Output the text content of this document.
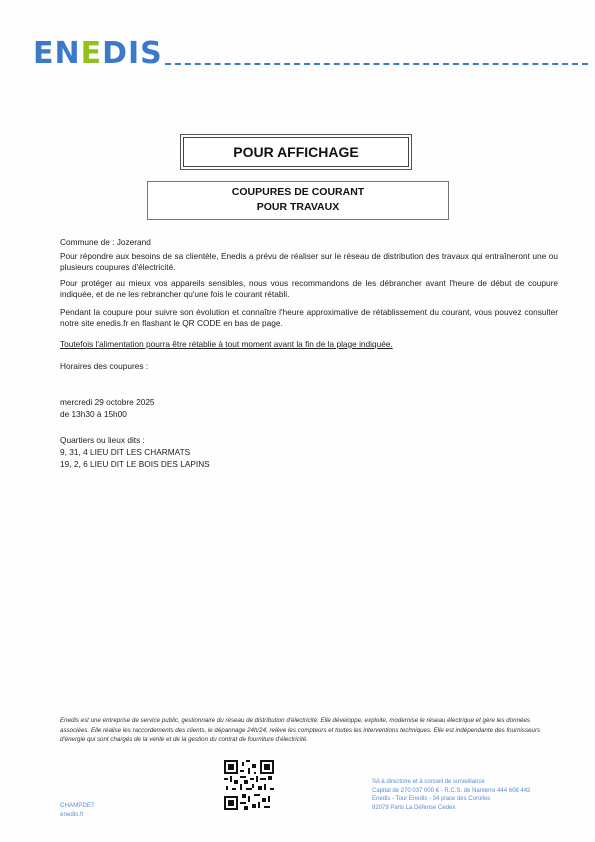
ENEDIS
POUR AFFICHAGE
COUPURES DE COURANT
POUR TRAVAUX
Commune de : Jozerand
Pour répondre aux besoins de sa clientèle, Enedis a prévu de réaliser sur le réseau de distribution des travaux qui entraîneront une ou plusieurs coupures d'électricité.
Pour protéger au mieux vos appareils sensibles, nous vous recommandons de les débrancher avant l'heure de début de coupure indiquée, et de ne les rebrancher qu'une fois le courant rétabli.
Pendant la coupure pour suivre son évolution et connaître l'heure approximative de rétablissement du courant, vous pouvez consulter notre site enedis.fr en flashant le QR CODE en bas de page.
Toutefois l'alimentation pourra être rétablie à tout moment avant la fin de la plage indiquée.
Horaires des coupures :
mercredi 29 octobre 2025
de 13h30 à 15h00
Quartiers ou lieux dits :
9, 31, 4 LIEU DIT LES CHARMATS
19, 2, 6 LIEU DIT LE BOIS DES LAPINS
Enedis est une entreprise de service public, gestionnaire du réseau de distribution d'électricité. Elle développe, exploite, modernise le réseau électrique et gère les données associées. Elle réalise les raccordements des clients, le dépannage 24h/24, relève les compteurs et toutes les interventions techniques. Elle est indépendante des fournisseurs d'énergie qui sont chargés de la vente et de la gestion du contrat de fourniture d'électricité.
CHAMPDET
enedis.fr
SA à directoire et à conseil de surveillance
Capital de 270 037 000 € - R.C.S. de Nanterre 444 608 442
Enedis - Tour Enedis - 34 place des Corolles
92079 Paris La Défense Cedex
